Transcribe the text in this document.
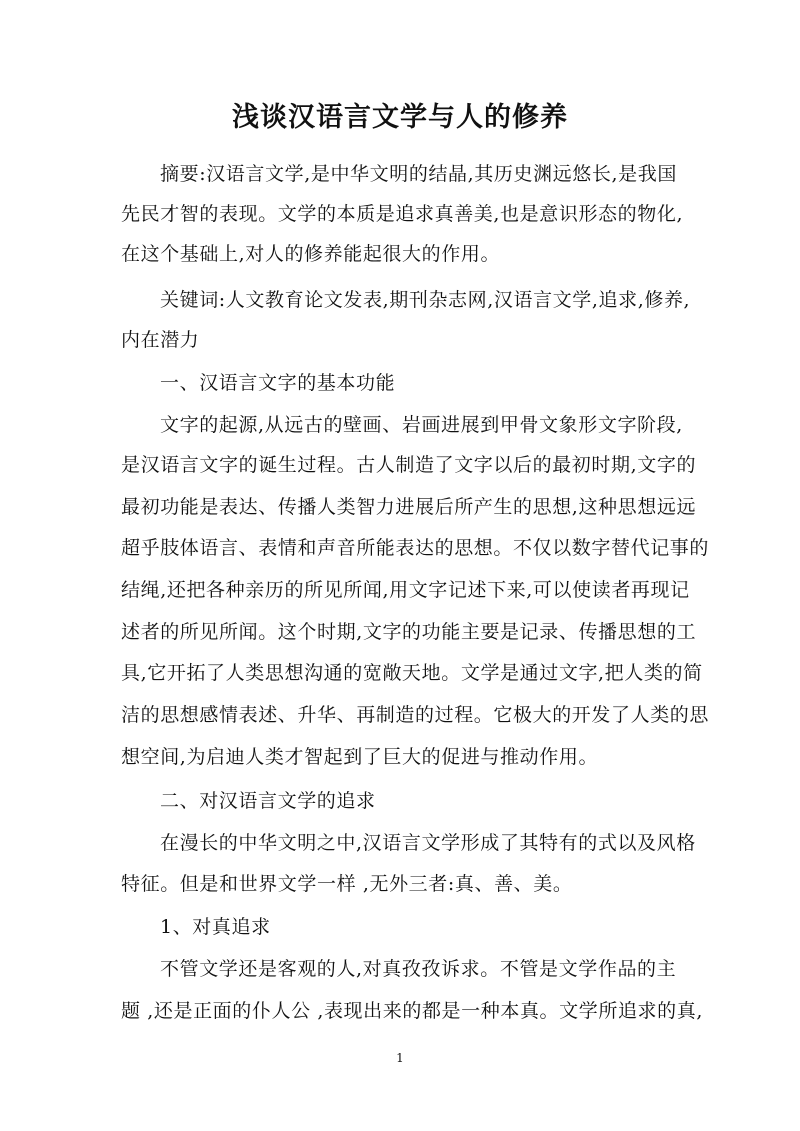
浅谈汉语言文学与人的修养
摘要:汉语言文学,是中华文明的结晶,其历史渊远悠长,是我国
先民才智的表现。文学的本质是追求真善美,也是意识形态的物化,
在这个基础上,对人的修养能起很大的作用。
关键词:人文教育论文发表,期刊杂志网,汉语言文学,追求,修养,
内在潜力
一、汉语言文字的基本功能
文字的起源,从远古的壁画、岩画进展到甲骨文象形文字阶段,
是汉语言文字的诞生过程。古人制造了文字以后的最初时期,文字的
最初功能是表达、传播人类智力进展后所产生的思想,这种思想远远
超乎肢体语言、表情和声音所能表达的思想。不仅以数字替代记事的
结绳,还把各种亲历的所见所闻,用文字记述下来,可以使读者再现记
述者的所见所闻。这个时期,文字的功能主要是记录、传播思想的工
具,它开拓了人类思想沟通的宽敞天地。文学是通过文字,把人类的简
洁的思想感情表述、升华、再制造的过程。它极大的开发了人类的思
想空间,为启迪人类才智起到了巨大的促进与推动作用。
二、对汉语言文学的追求
在漫长的中华文明之中,汉语言文学形成了其特有的式以及风格
特征。但是和世界文学一样 ,无外三者:真、善、美。
1、对真追求
不管文学还是客观的人,对真孜孜诉求。不管是文学作品的主
题 ,还是正面的仆人公 ,表现出来的都是一种本真。文学所追求的真,
1
